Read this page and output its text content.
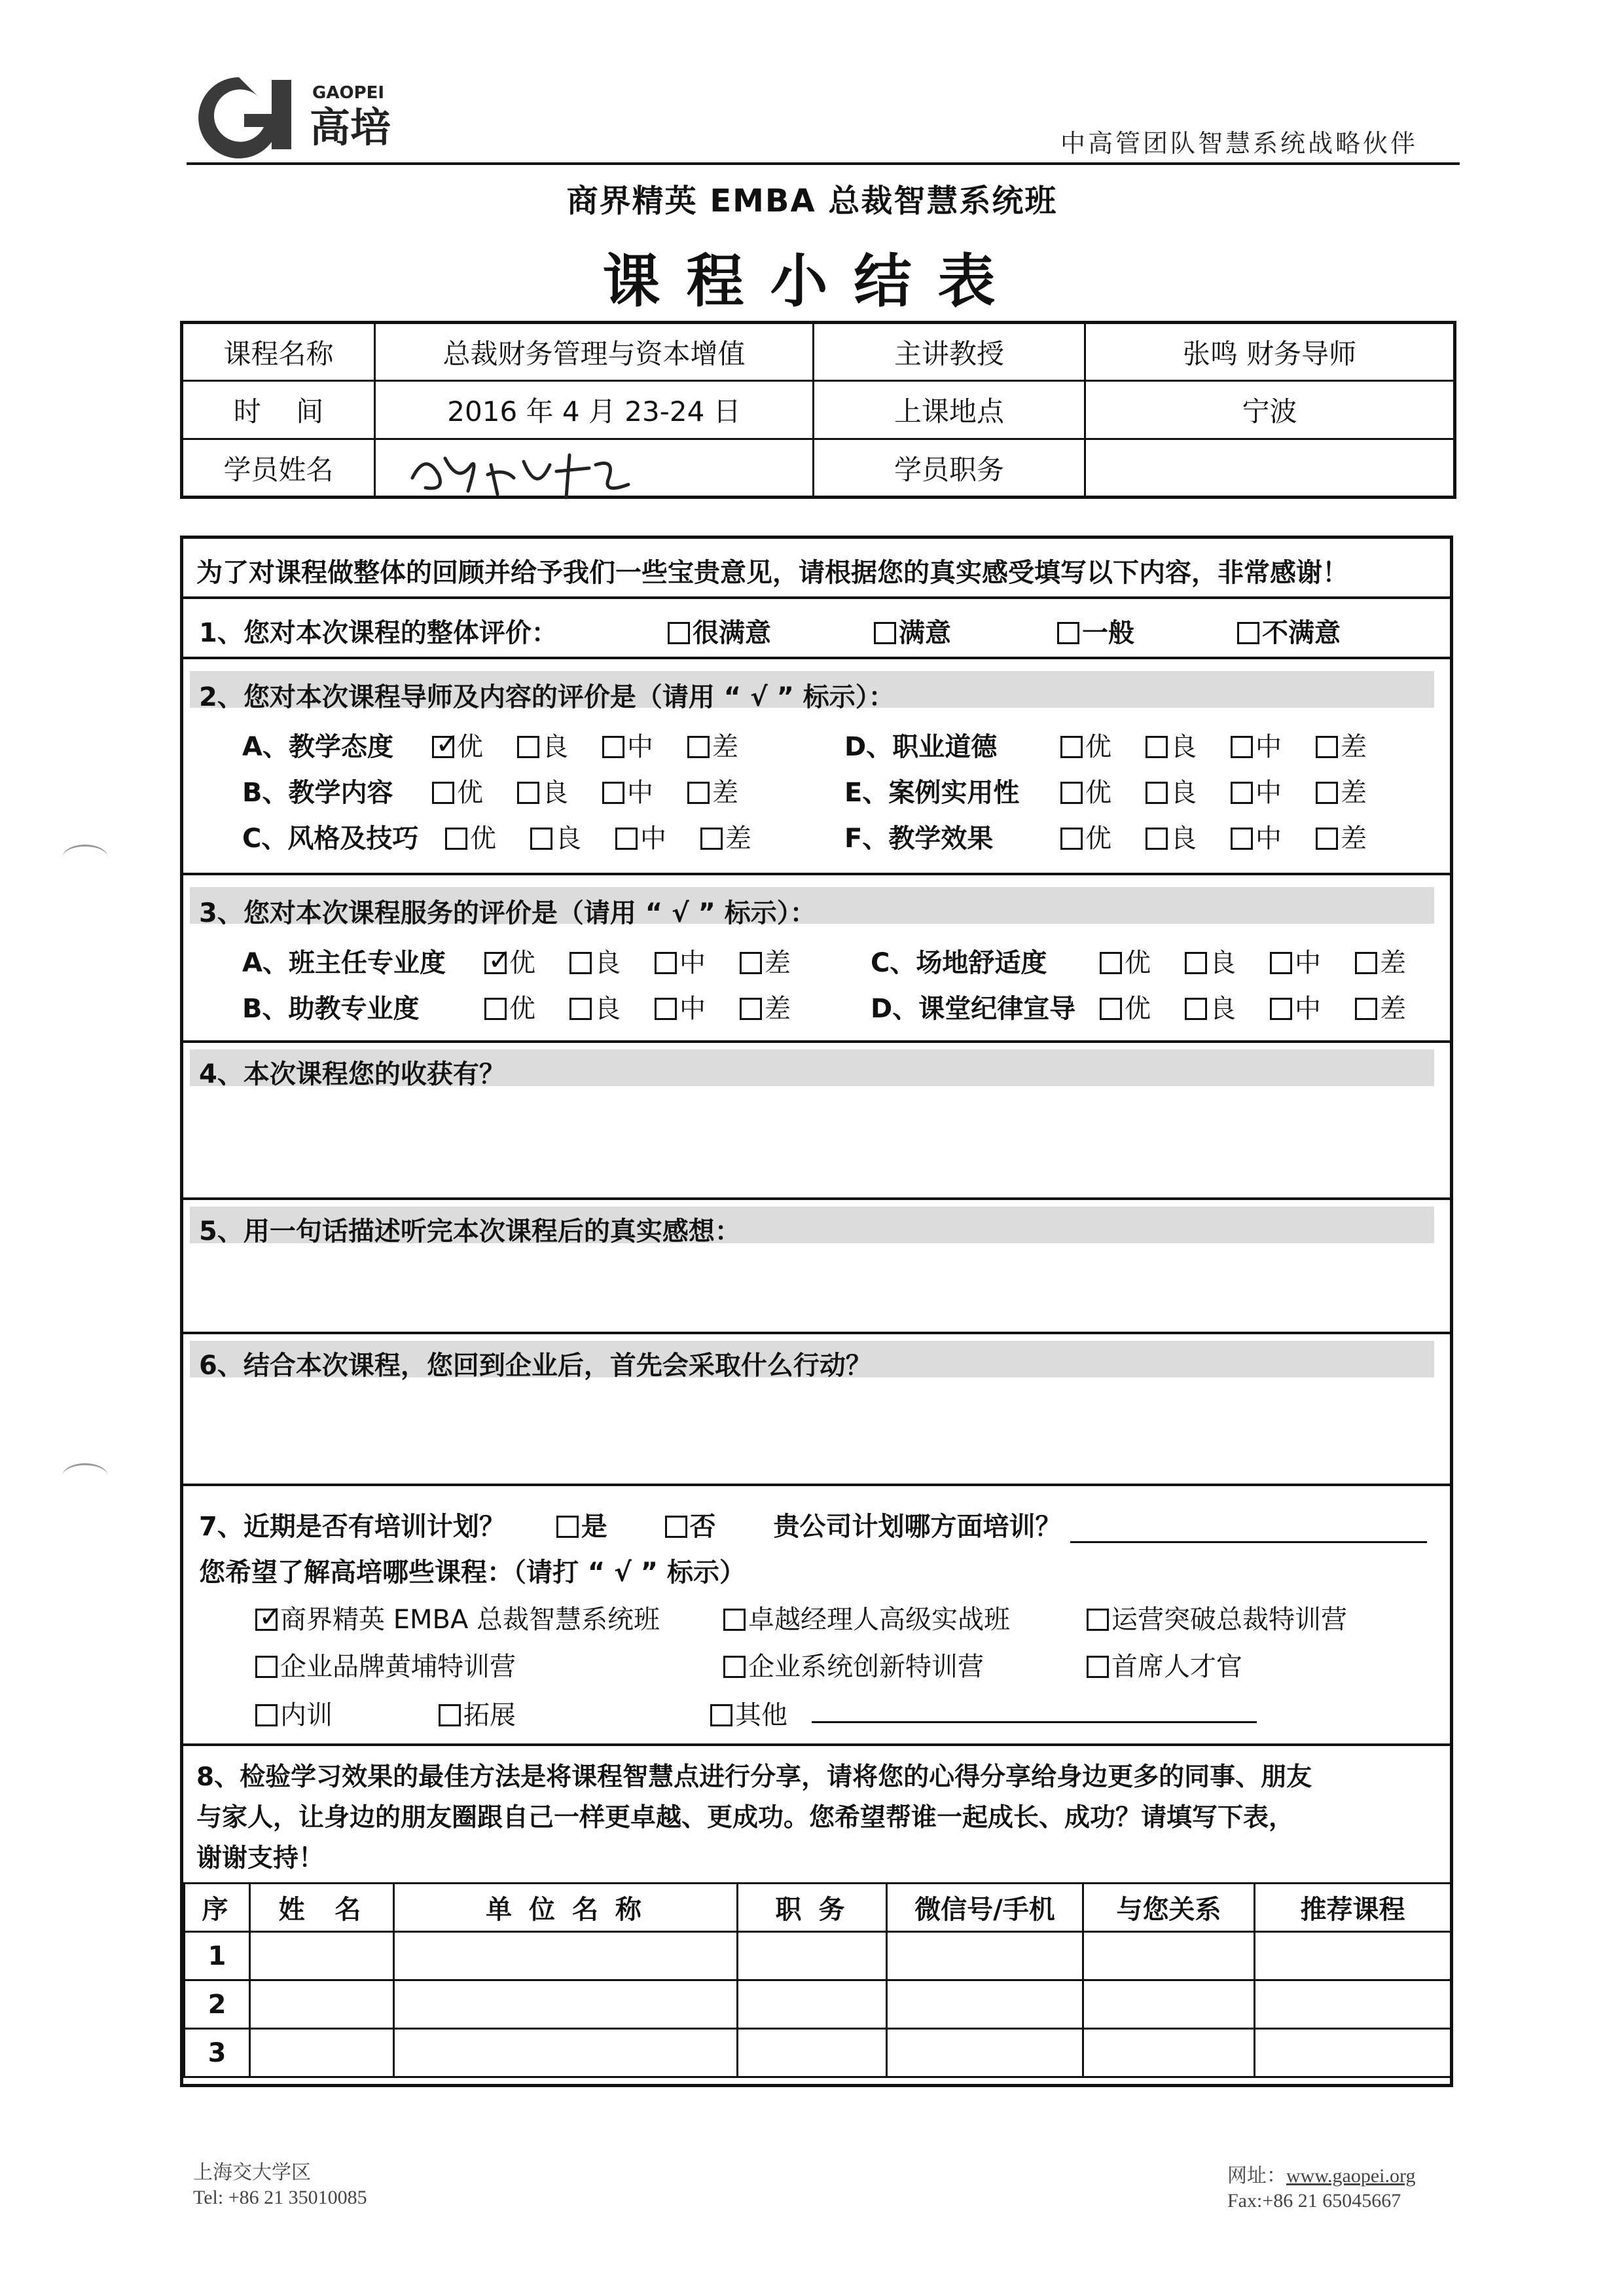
GAOPEI
高培	中高管团队智慧系统战略伙伴
商界精英 EMBA 总裁智慧系统班
课程小结表
课程名称	总裁财务管理与资本增值	主讲教授	张鸣 财务导师
时    间	2016 年 4 月 23-24 日	上课地点	宁波
学员姓名		学员职务	
为了对课程做整体的回顾并给予我们一些宝贵意见，请根据您的真实感受填写以下内容，非常感谢！
1、您对本次课程的整体评价：	很满意	满意	一般	不满意
2、您对本次课程导师及内容的评价是（请用 “ √ ” 标示）：
A、教学态度 ✓	优	良	中	差
B、教学内容	优	良	中	差
C、风格及技巧	优	良	中	差
D、职业道德	优	良	中	差
E、案例实用性	优	良	中	差
F、教学效果	优	良	中	差
3、您对本次课程服务的评价是（请用 “ √ ” 标示）：
A、班主任专业度 ✓	优	良	中	差
B、助教专业度	优	良	中	差
C、场地舒适度	优	良	中	差
D、课堂纪律宣导	优	良	中	差
4、本次课程您的收获有？
5、用一句话描述听完本次课程后的真实感想：
6、结合本次课程，您回到企业后，首先会采取什么行动？
7、近期是否有培训计划？	是	否 贵公司计划哪方面培训？
您希望了解高培哪些课程：（请打 “ √ ” 标示）
✓商界精英 EMBA 总裁智慧系统班	卓越经理人高级实战班	运营突破总裁特训营
企业品牌黄埔特训营	企业系统创新特训营	首席人才官
内训	拓展	其他
8、检验学习效果的最佳方法是将课程智慧点进行分享，请将您的心得分享给身边更多的同事、朋友
与家人，让身边的朋友圈跟自己一样更卓越、更成功。您希望帮谁一起成长、成功？请填写下表，
谢谢支持！
序	姓  名	单 位 名 称	职 务	微信号/手机	与您关系	推荐课程
1						
2						
3						
上海交大学区
Tel: +86 21 35010085
网址：www.gaopei.org
Fax:+86 21 65045667
